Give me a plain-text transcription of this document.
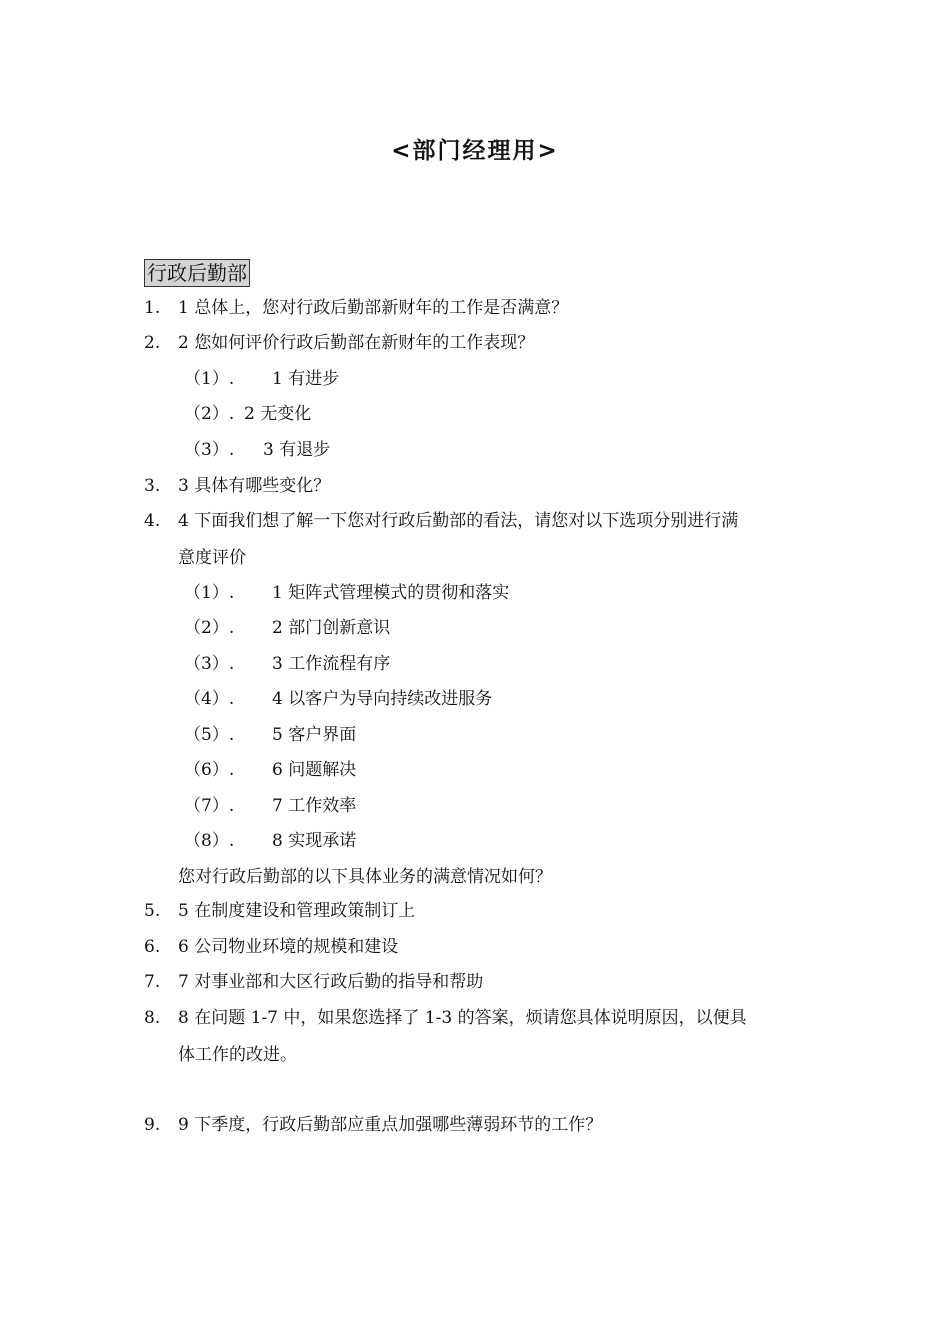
<部门经理用>
行政后勤部
1. 1 总体上，您对行政后勤部新财年的工作是否满意？
2. 2 您如何评价行政后勤部在新财年的工作表现？
（1）. 1 有进步
（2）. 2 无变化
（3）. 3 有退步
3. 3 具体有哪些变化？
4. 4 下面我们想了解一下您对行政后勤部的看法，请您对以下选项分别进行满
意度评价
（1）. 1 矩阵式管理模式的贯彻和落实
（2）. 2 部门创新意识
（3）. 3 工作流程有序
（4）. 4 以客户为导向持续改进服务
（5）. 5 客户界面
（6）. 6 问题解决
（7）. 7 工作效率
（8）. 8 实现承诺
您对行政后勤部的以下具体业务的满意情况如何？
5. 5 在制度建设和管理政策制订上
6. 6 公司物业环境的规模和建设
7. 7 对事业部和大区行政后勤的指导和帮助
8. 8 在问题 1-7 中，如果您选择了 1-3 的答案，烦请您具体说明原因，以便具
体工作的改进。
9. 9 下季度，行政后勤部应重点加强哪些薄弱环节的工作？
